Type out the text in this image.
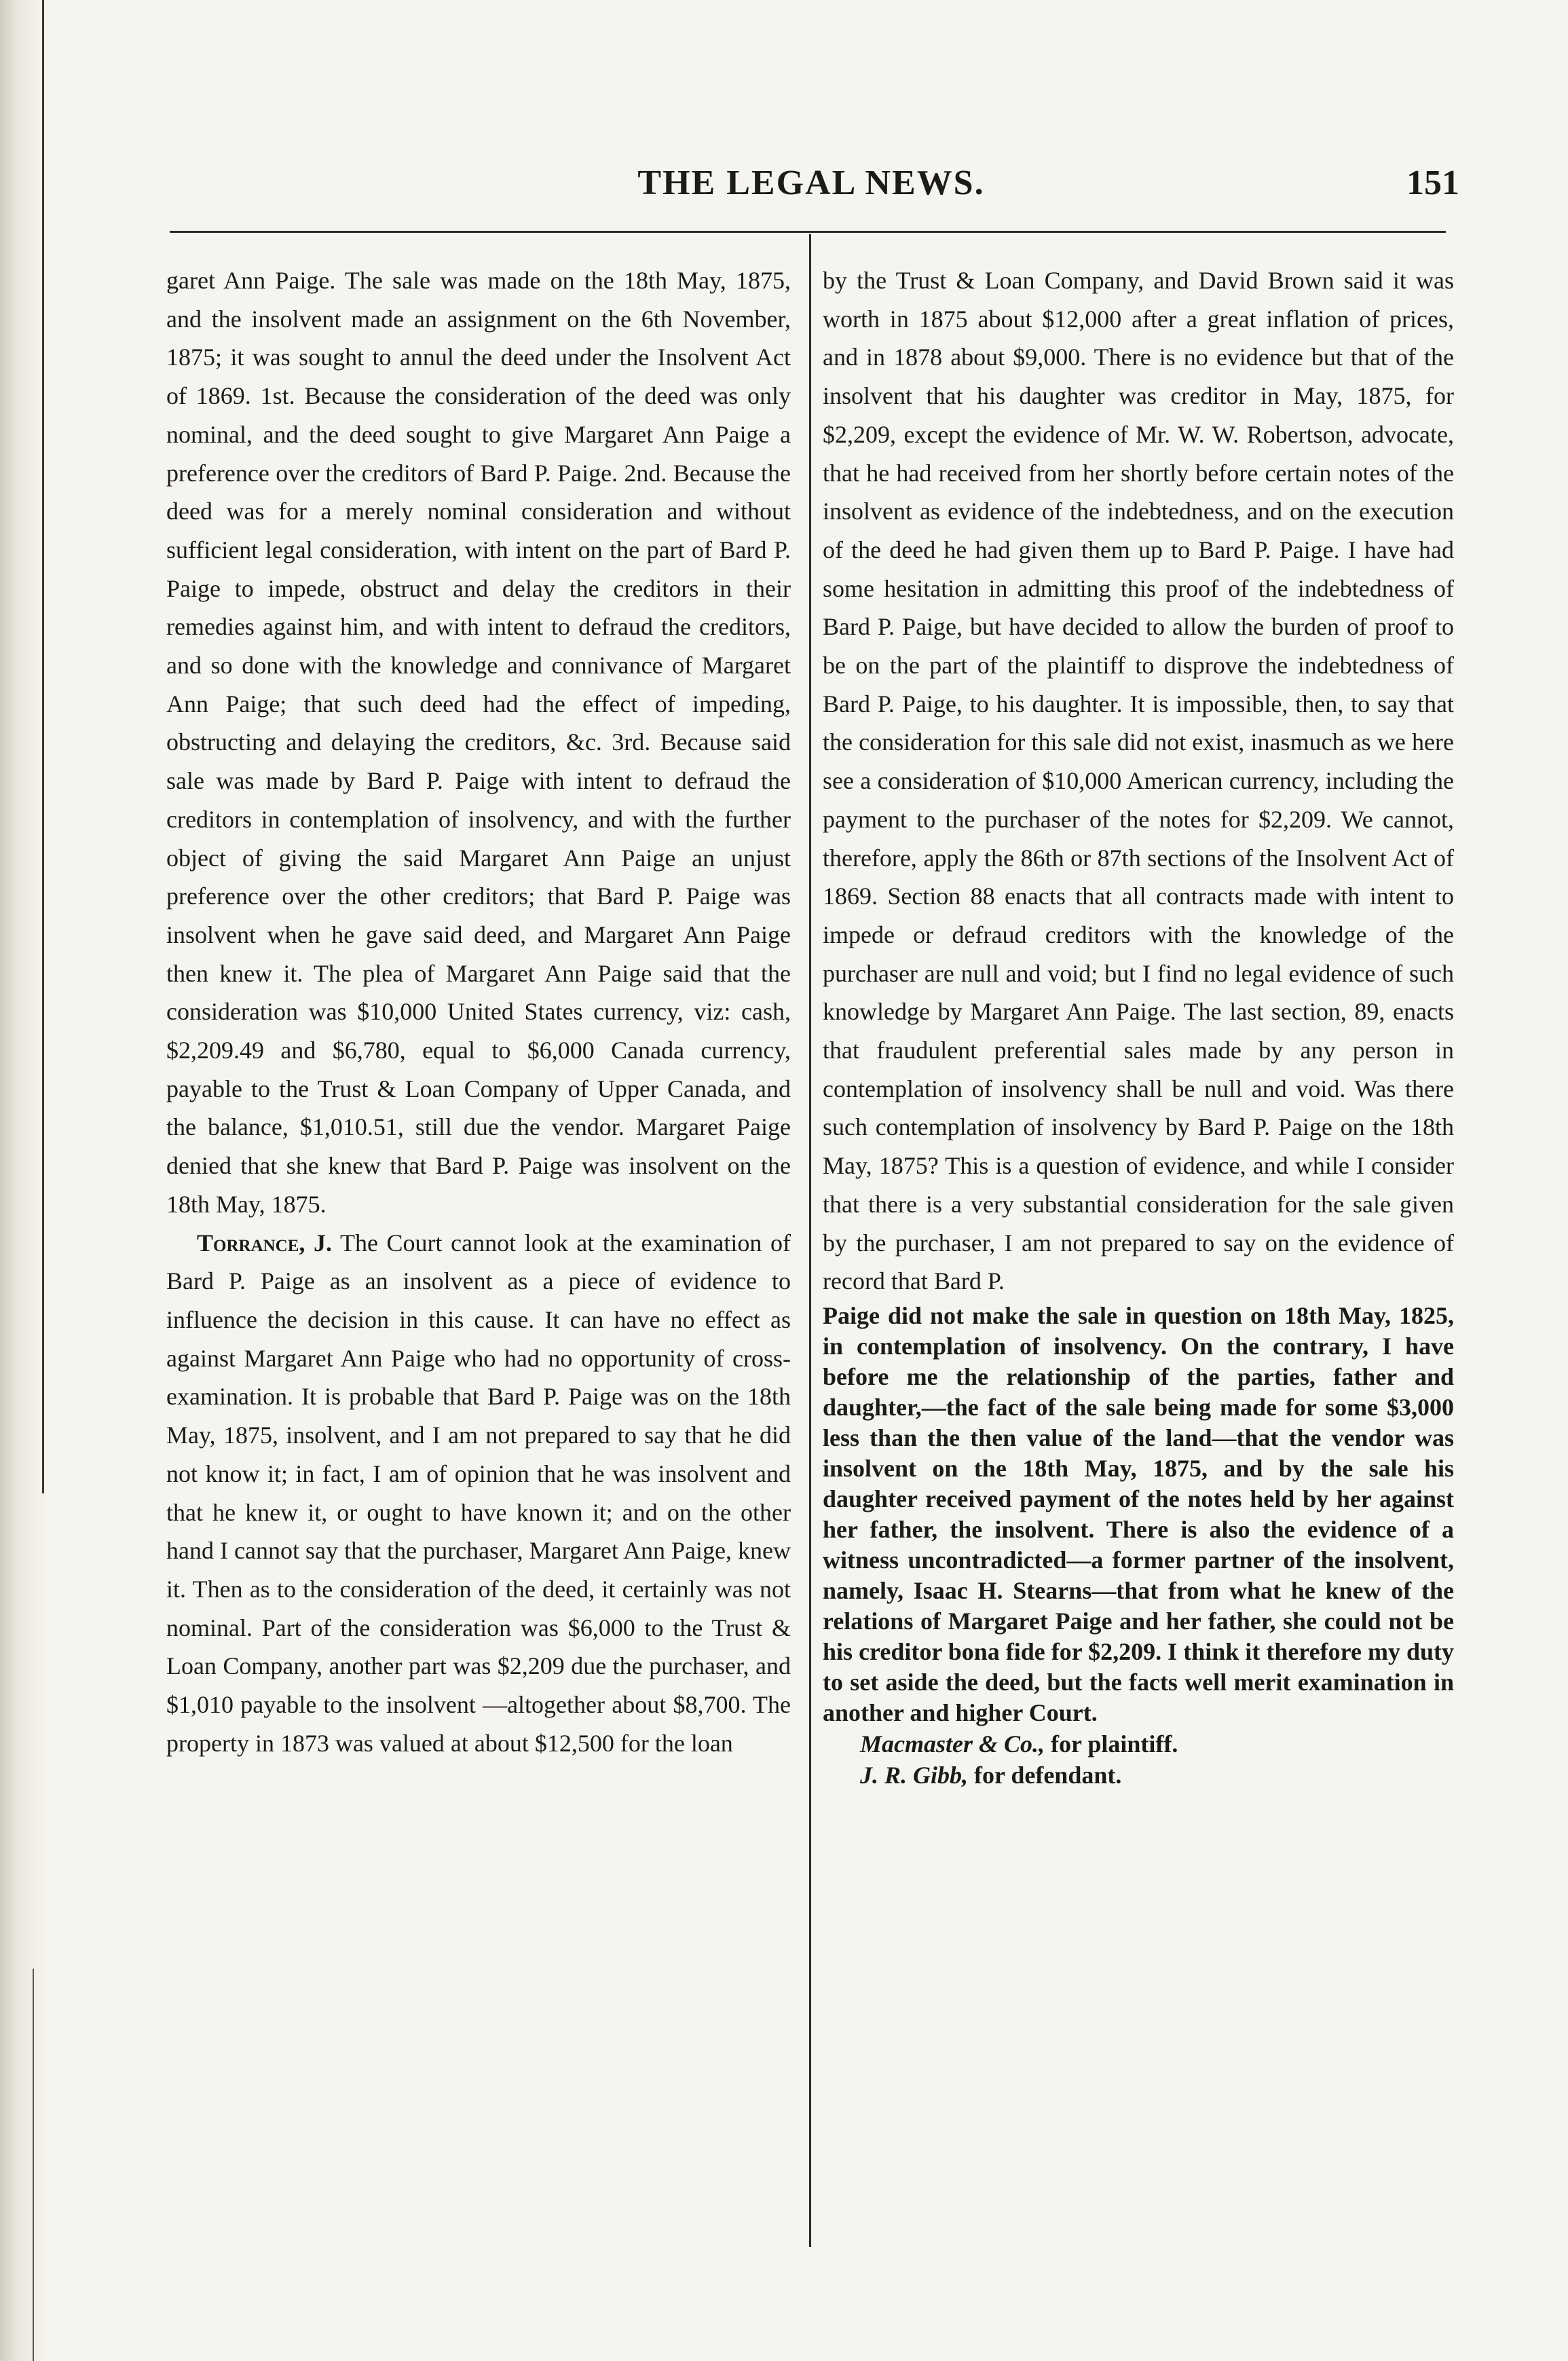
THE LEGAL NEWS.	151

garet Ann Paige. The sale was made on the 18th May, 1875, and the insolvent made an assignment on the 6th November, 1875; it was sought to annul the deed under the Insolvent Act of 1869. 1st. Because the consideration of the deed was only nominal, and the deed sought to give Margaret Ann Paige a preference over the creditors of Bard P. Paige. 2nd. Because the deed was for a merely nominal consideration and without sufficient legal consideration, with intent on the part of Bard P. Paige to impede, obstruct and delay the creditors in their remedies against him, and with intent to defraud the creditors, and so done with the knowledge and connivance of Margaret Ann Paige; that such deed had the effect of impeding, obstructing and delaying the creditors, &c. 3rd. Because said sale was made by Bard P. Paige with intent to defraud the creditors in contemplation of insolvency, and with the further object of giving the said Margaret Ann Paige an unjust preference over the other creditors; that Bard P. Paige was insolvent when he gave said deed, and Margaret Ann Paige then knew it. The plea of Margaret Ann Paige said that the consideration was $10,000 United States currency, viz: cash, $2,209.49 and $6,780, equal to $6,000 Canada currency, payable to the Trust & Loan Company of Upper Canada, and the balance, $1,010.51, still due the vendor. Margaret Paige denied that she knew that Bard P. Paige was insolvent on the 18th May, 1875.

Torrance, J. The Court cannot look at the examination of Bard P. Paige as an insolvent as a piece of evidence to influence the decision in this cause. It can have no effect as against Margaret Ann Paige who had no opportunity of cross-examination. It is probable that Bard P. Paige was on the 18th May, 1875, insolvent, and I am not prepared to say that he did not know it; in fact, I am of opinion that he was insolvent and that he knew it, or ought to have known it; and on the other hand I cannot say that the purchaser, Margaret Ann Paige, knew it. Then as to the consideration of the deed, it certainly was not nominal. Part of the consideration was $6,000 to the Trust & Loan Company, another part was $2,209 due the purchaser, and $1,010 payable to the insolvent —altogether about $8,700. The property in 1873 was valued at about $12,500 for the loan

by the Trust & Loan Company, and David Brown said it was worth in 1875 about $12,000 after a great inflation of prices, and in 1878 about $9,000. There is no evidence but that of the insolvent that his daughter was creditor in May, 1875, for $2,209, except the evidence of Mr. W. W. Robertson, advocate, that he had received from her shortly before certain notes of the insolvent as evidence of the indebtedness, and on the execution of the deed he had given them up to Bard P. Paige. I have had some hesitation in admitting this proof of the indebtedness of Bard P. Paige, but have decided to allow the burden of proof to be on the part of the plaintiff to disprove the indebtedness of Bard P. Paige, to his daughter. It is impossible, then, to say that the consideration for this sale did not exist, inasmuch as we here see a consideration of $10,000 American currency, including the payment to the purchaser of the notes for $2,209. We cannot, therefore, apply the 86th or 87th sections of the Insolvent Act of 1869. Section 88 enacts that all contracts made with intent to impede or defraud creditors with the knowledge of the purchaser are null and void; but I find no legal evidence of such knowledge by Margaret Ann Paige. The last section, 89, enacts that fraudulent preferential sales made by any person in contemplation of insolvency shall be null and void. Was there such contemplation of insolvency by Bard P. Paige on the 18th May, 1875? This is a question of evidence, and while I consider that there is a very substantial consideration for the sale given by the purchaser, I am not prepared to say on the evidence of record that Bard P.

Paige did not make the sale in question on 18th May, 1825, in contemplation of insolvency. On the contrary, I have before me the relationship of the parties, father and daughter,—the fact of the sale being made for some $3,000 less than the then value of the land—that the vendor was insolvent on the 18th May, 1875, and by the sale his daughter received payment of the notes held by her against her father, the insolvent. There is also the evidence of a witness uncontradicted—a former partner of the insolvent, namely, Isaac H. Stearns—that from what he knew of the relations of Margaret Paige and her father, she could not be his creditor bona fide for $2,209. I think it therefore my duty to set aside the deed, but the facts well merit examination in another and higher Court.

Macmaster & Co., for plaintiff.

J. R. Gibb, for defendant.
